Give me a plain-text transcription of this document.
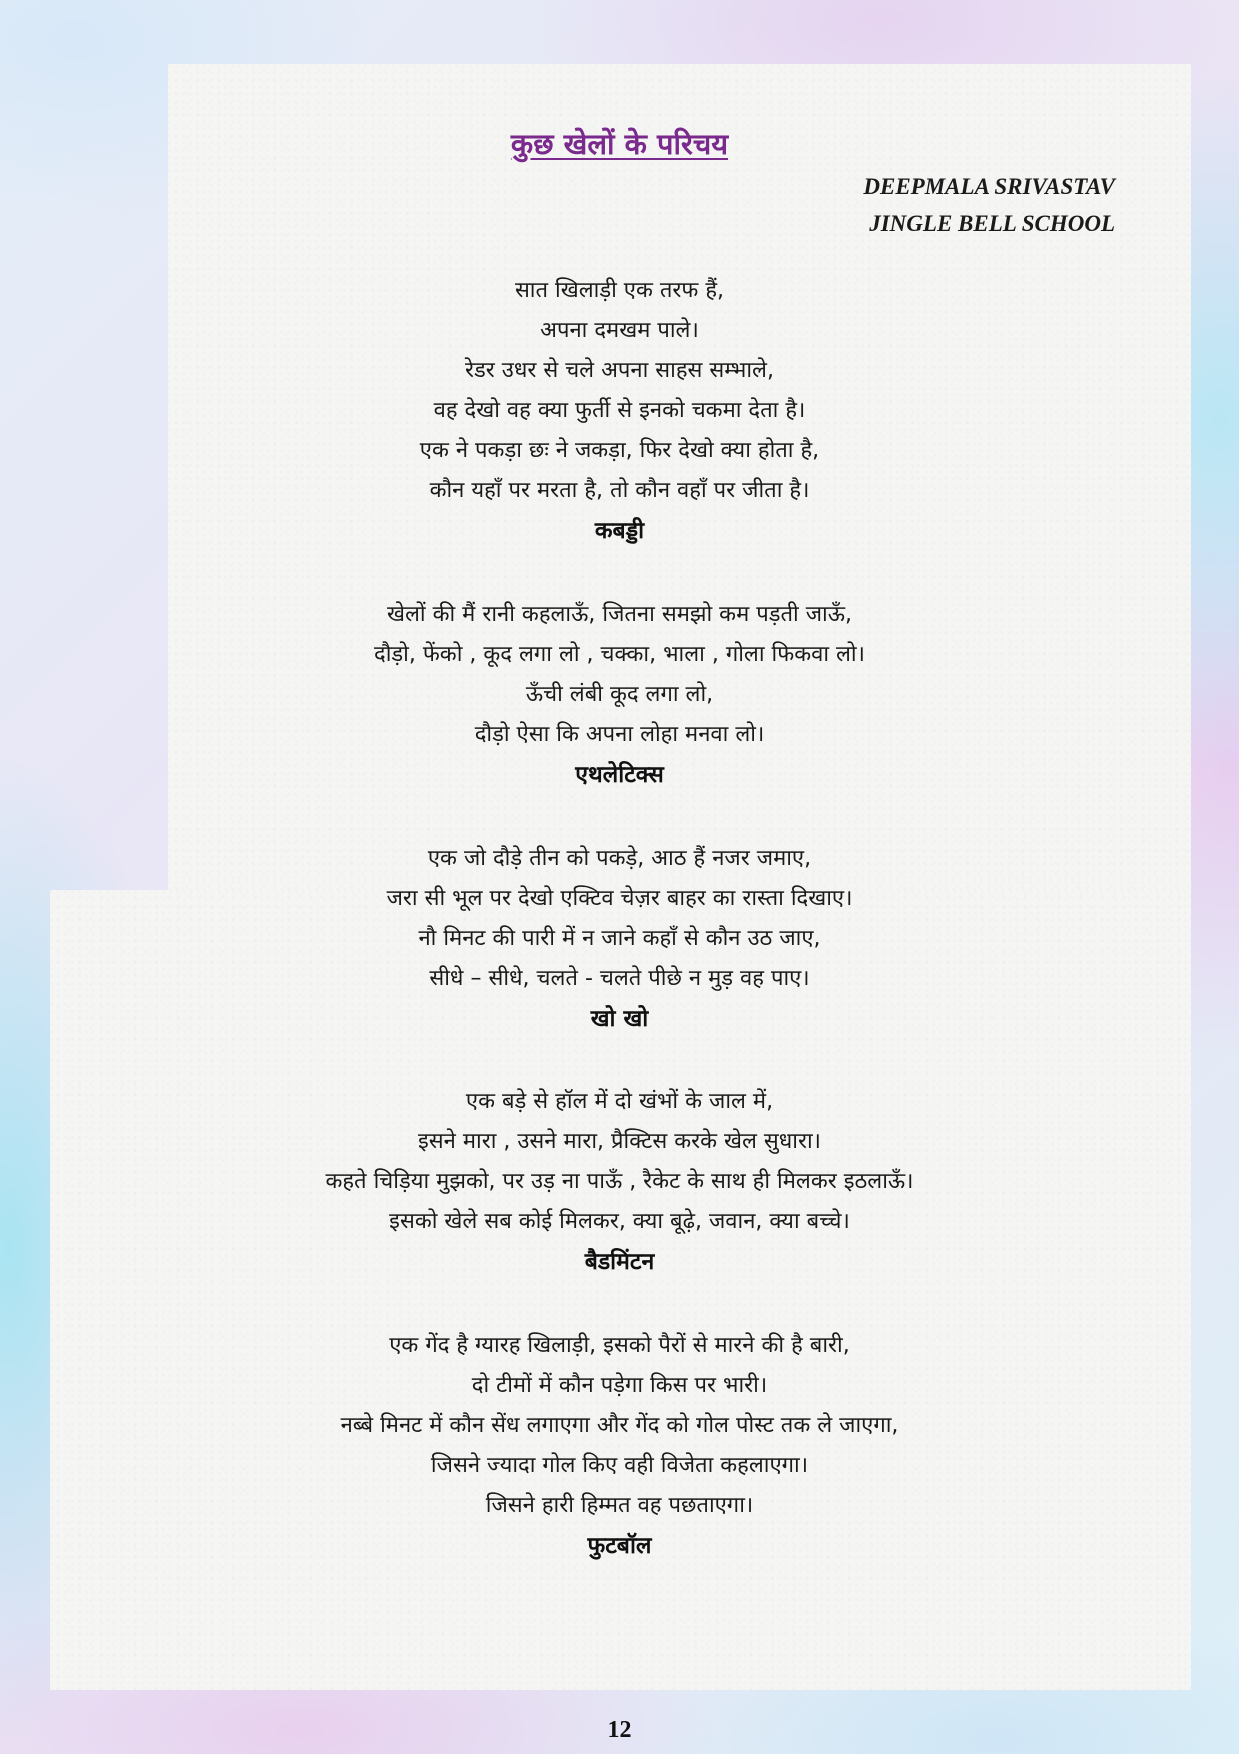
कुछ खेलों के परिचय
DEEPMALA SRIVASTAV
JINGLE BELL SCHOOL
सात खिलाड़ी एक तरफ हैं,
अपना दमखम पाले।
रेडर उधर से चले अपना साहस सम्भाले,
वह देखो वह क्या फुर्ती से इनको चकमा देता है।
एक ने पकड़ा छः ने जकड़ा, फिर देखो क्या होता है,
कौन यहाँ पर मरता है, तो कौन वहाँ पर जीता है।
कबड्डी
खेलों की मैं रानी कहलाऊँ, जितना समझो कम पड़ती जाऊँ,
दौड़ो, फेंको , कूद लगा लो , चक्का, भाला , गोला फिकवा लो।
ऊँची लंबी कूद लगा लो,
दौड़ो ऐसा कि अपना लोहा मनवा लो।
एथलेटिक्स
एक जो दौड़े तीन को पकड़े, आठ हैं नजर जमाए,
जरा सी भूल पर देखो एक्टिव चेज़र बाहर का रास्ता दिखाए।
नौ मिनट की पारी में न जाने कहाँ से कौन उठ जाए,
सीधे – सीधे, चलते - चलते पीछे न मुड़ वह पाए।
खो खो
एक बड़े से हॉल में दो खंभों के जाल में,
इसने मारा , उसने मारा, प्रैक्टिस करके खेल सुधारा।
कहते चिड़िया मुझको, पर उड़ ना पाऊँ , रैकेट के साथ ही मिलकर इठलाऊँ।
इसको खेले सब कोई मिलकर, क्या बूढ़े, जवान, क्या बच्चे।
बैडमिंटन
एक गेंद है ग्यारह खिलाड़ी, इसको पैरों से मारने की है बारी,
दो टीमों में कौन पड़ेगा किस पर भारी।
नब्बे मिनट में कौन सेंध लगाएगा और गेंद को गोल पोस्ट तक ले जाएगा,
जिसने ज्यादा गोल किए वही विजेता कहलाएगा।
जिसने हारी हिम्मत वह पछताएगा।
फुटबॉल
12
